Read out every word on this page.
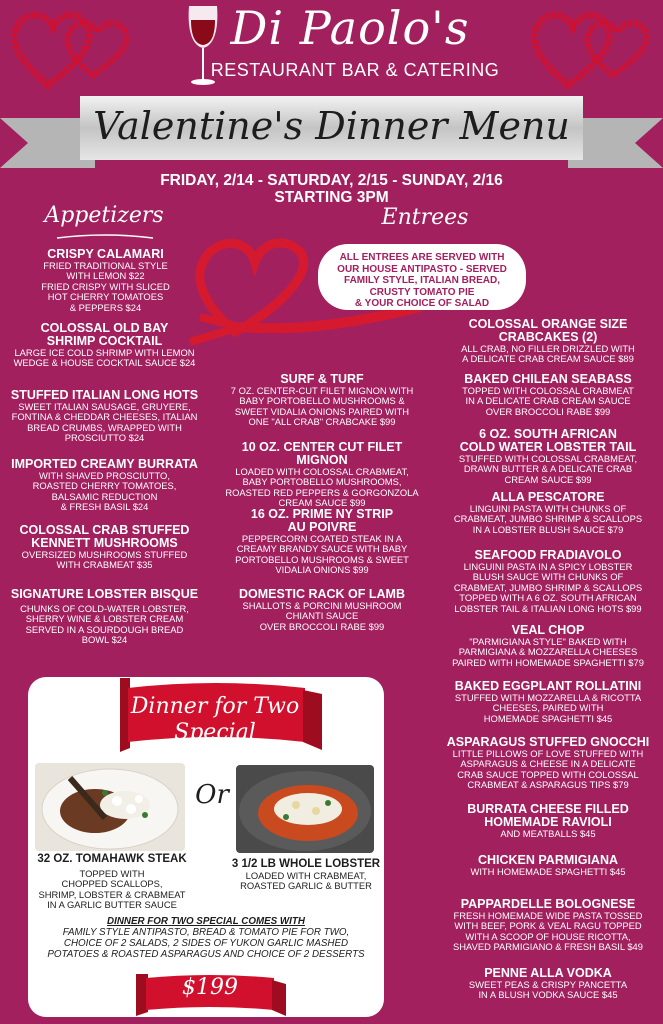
Di Paolo's
RESTAURANT BAR & CATERING
Valentine's Dinner Menu
FRIDAY, 2/14 - SATURDAY, 2/15 - SUNDAY, 2/16
STARTING 3PM
Appetizers	Entrees
ALL ENTREES ARE SERVED WITH
OUR HOUSE ANTIPASTO - SERVED
FAMILY STYLE, ITALIAN BREAD,
CRUSTY TOMATO PIE
& YOUR CHOICE OF SALAD
CRISPY CALAMARI
FRIED TRADITIONAL STYLE
WITH LEMON $22
FRIED CRISPY WITH SLICED
HOT CHERRY TOMATOES
& PEPPERS $24
COLOSSAL OLD BAY
SHRIMP COCKTAIL
LARGE ICE COLD SHRIMP WITH LEMON
WEDGE & HOUSE COCKTAIL SAUCE $24
STUFFED ITALIAN LONG HOTS
SWEET ITALIAN SAUSAGE, GRUYERE,
FONTINA & CHEDDAR CHEESES, ITALIAN
BREAD CRUMBS, WRAPPED WITH
PROSCIUTTO $24
IMPORTED CREAMY BURRATA
WITH SHAVED PROSCIUTTO,
ROASTED CHERRY TOMATOES,
BALSAMIC REDUCTION
& FRESH BASIL $24
COLOSSAL CRAB STUFFED
KENNETT MUSHROOMS
OVERSIZED MUSHROOMS STUFFED
WITH CRABMEAT $35
SIGNATURE LOBSTER BISQUE
CHUNKS OF COLD-WATER LOBSTER,
SHERRY WINE & LOBSTER CREAM
SERVED IN A SOURDOUGH BREAD
BOWL $24
SURF & TURF
7 OZ. CENTER-CUT FILET MIGNON WITH
BABY PORTOBELLO MUSHROOMS &
SWEET VIDALIA ONIONS PAIRED WITH
ONE "ALL CRAB" CRABCAKE $99
10 OZ. CENTER CUT FILET MIGNON
LOADED WITH COLOSSAL CRABMEAT,
BABY PORTOBELLO MUSHROOMS,
ROASTED RED PEPPERS & GORGONZOLA
CREAM SAUCE $99
16 OZ. PRIME NY STRIP
AU POIVRE
PEPPERCORN COATED STEAK IN A
CREAMY BRANDY SAUCE WITH BABY
PORTOBELLO MUSHROOMS & SWEET
VIDALIA ONIONS $99
DOMESTIC RACK OF LAMB
SHALLOTS & PORCINI MUSHROOM
CHIANTI SAUCE
OVER BROCCOLI RABE $99
COLOSSAL ORANGE SIZE
CRABCAKES (2)
ALL CRAB, NO FILLER DRIZZLED WITH
A DELICATE CRAB CREAM SAUCE $89
BAKED CHILEAN SEABASS
TOPPED WITH COLOSSAL CRABMEAT
IN A DELICATE CRAB CREAM SAUCE
OVER BROCCOLI RABE $99
6 OZ. SOUTH AFRICAN
COLD WATER LOBSTER TAIL
STUFFED WITH COLOSSAL CRABMEAT,
DRAWN BUTTER & A DELICATE CRAB
CREAM SAUCE $99
ALLA PESCATORE
LINGUINI PASTA WITH CHUNKS OF
CRABMEAT, JUMBO SHRIMP & SCALLOPS
IN A LOBSTER BLUSH SAUCE $79
SEAFOOD FRADIAVOLO
LINGUINI PASTA IN A SPICY LOBSTER
BLUSH SAUCE WITH CHUNKS OF
CRABMEAT, JUMBO SHRIMP & SCALLOPS
TOPPED WITH A 6 OZ. SOUTH AFRICAN
LOBSTER TAIL & ITALIAN LONG HOTS $99
VEAL CHOP
"PARMIGIANA STYLE" BAKED WITH
PARMIGIANA & MOZZARELLA CHEESES
PAIRED WITH HOMEMADE SPAGHETTI $79
BAKED EGGPLANT ROLLATINI
STUFFED WITH MOZZARELLA & RICOTTA
CHEESES, PAIRED WITH
HOMEMADE SPAGHETTI $45
ASPARAGUS STUFFED GNOCCHI
LITTLE PILLOWS OF LOVE STUFFED WITH
ASPARAGUS & CHEESE IN A DELICATE
CRAB SAUCE TOPPED WITH COLOSSAL
CRABMEAT & ASPARAGUS TIPS $79
BURRATA CHEESE FILLED
HOMEMADE RAVIOLI
AND MEATBALLS $45
CHICKEN PARMIGIANA
WITH HOMEMADE SPAGHETTI $45
PAPPARDELLE BOLOGNESE
FRESH HOMEMADE WIDE PASTA TOSSED
WITH BEEF, PORK & VEAL RAGU TOPPED
WITH A SCOOP OF HOUSE RICOTTA,
SHAVED PARMIGIANO & FRESH BASIL $49
PENNE ALLA VODKA
SWEET PEAS & CRISPY PANCETTA
IN A BLUSH VODKA SAUCE $45
Dinner for Two
Special
Or
32 OZ. TOMAHAWK STEAK
TOPPED WITH
CHOPPED SCALLOPS,
SHRIMP, LOBSTER & CRABMEAT
IN A GARLIC BUTTER SAUCE
3 1/2 LB WHOLE LOBSTER
LOADED WITH CRABMEAT,
ROASTED GARLIC & BUTTER
DINNER FOR TWO SPECIAL COMES WITH
FAMILY STYLE ANTIPASTO, BREAD & TOMATO PIE FOR TWO,
CHOICE OF 2 SALADS, 2 SIDES OF YUKON GARLIC MASHED
POTATOES & ROASTED ASPARAGUS AND CHOICE OF 2 DESSERTS
$199
